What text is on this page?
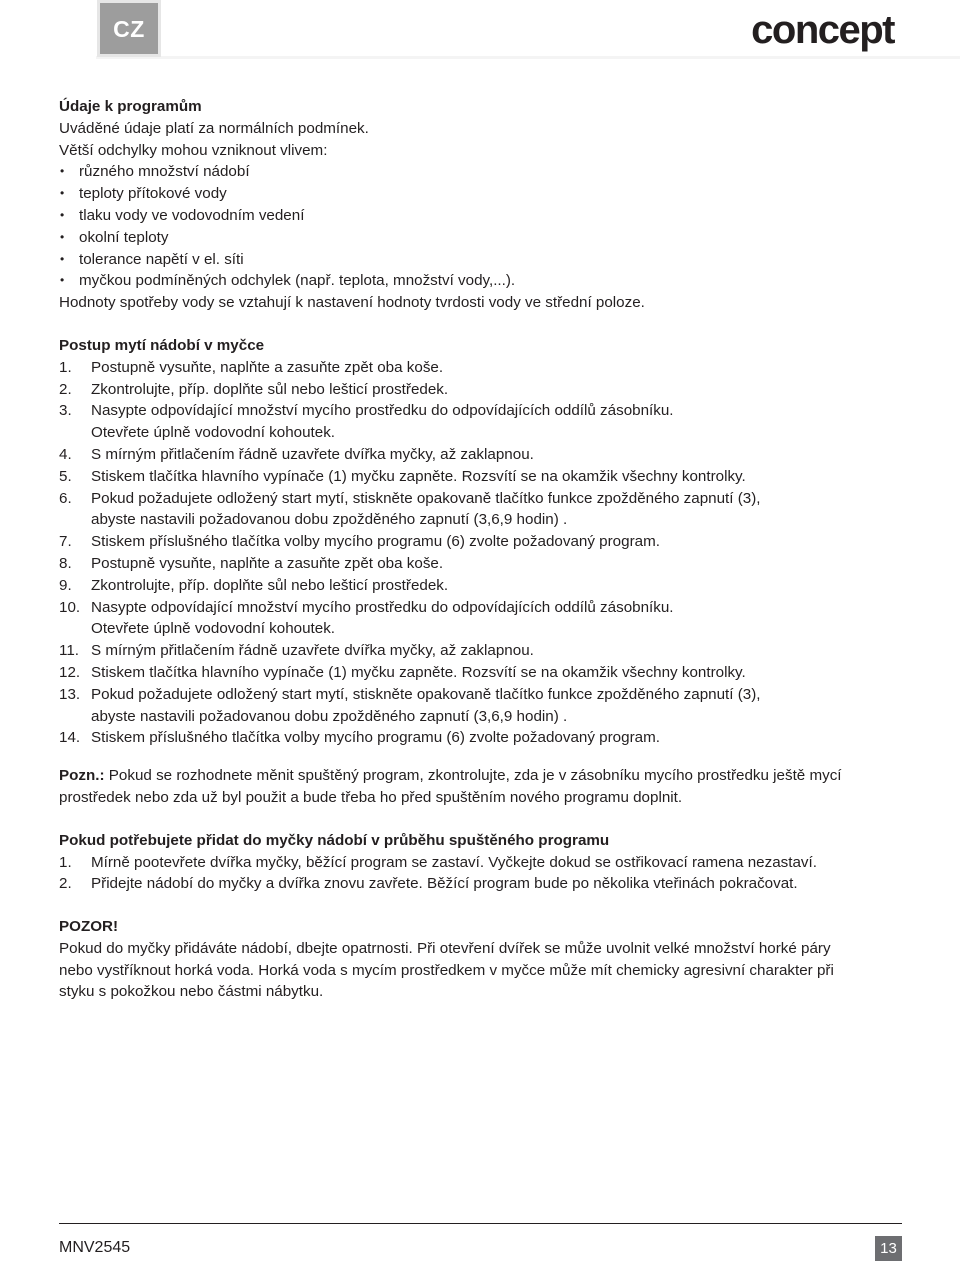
CZ	concept

Údaje k programům

Uváděné údaje platí za normálních podmínek.

Větší odchylky mohou vzniknout vlivem:

• různého množství nádobí
• teploty přítokové vody
• tlaku vody ve vodovodním vedení
• okolní teploty
• tolerance napětí v el. síti
• myčkou podmíněných odchylek (např. teplota, množství vody,...).

Hodnoty spotřeby vody se vztahují k nastavení hodnoty tvrdosti vody ve střední poloze.

Postup mytí nádobí v myčce

1.	Postupně vysuňte, naplňte a zasuňte zpět oba koše.
2.	Zkontrolujte, příp. doplňte sůl nebo lešticí prostředek.
3.	Nasypte odpovídající množství mycího prostředku do odpovídajících oddílů zásobníku.
Otevřete úplně vodovodní kohoutek.
4.	S mírným přitlačením řádně uzavřete dvířka myčky, až zaklapnou.
5.	Stiskem tlačítka hlavního vypínače (1) myčku zapněte. Rozsvítí se na okamžik všechny kontrolky.
6.	Pokud požadujete odložený start mytí, stiskněte opakovaně tlačítko funkce zpožděného zapnutí (3),
abyste nastavili požadovanou dobu zpožděného zapnutí (3,6,9 hodin) .
7.	Stiskem příslušného tlačítka volby mycího programu (6) zvolte požadovaný program.
8.	Postupně vysuňte, naplňte a zasuňte zpět oba koše.
9.	Zkontrolujte, příp. doplňte sůl nebo lešticí prostředek.
10. Nasypte odpovídající množství mycího prostředku do odpovídajících oddílů zásobníku.
Otevřete úplně vodovodní kohoutek.
11. S mírným přitlačením řádně uzavřete dvířka myčky, až zaklapnou.
12. Stiskem tlačítka hlavního vypínače (1) myčku zapněte. Rozsvítí se na okamžik všechny kontrolky.
13. Pokud požadujete odložený start mytí, stiskněte opakovaně tlačítko funkce zpožděného zapnutí (3),
abyste nastavili požadovanou dobu zpožděného zapnutí (3,6,9 hodin) .
14. Stiskem příslušného tlačítka volby mycího programu (6) zvolte požadovaný program.

Pozn.: Pokud se rozhodnete měnit spuštěný program, zkontrolujte, zda je v zásobníku mycího prostředku ještě mycí
prostředek nebo zda už byl použit a bude třeba ho před spuštěním nového programu doplnit.

Pokud potřebujete přidat do myčky nádobí v průběhu spuštěného programu

1.	Mírně pootevřete dvířka myčky, běžící program se zastaví. Vyčkejte dokud se ostřikovací ramena nezastaví.
2.	Přidejte nádobí do myčky a dvířka znovu zavřete. Běžící program bude po několika vteřinách pokračovat.

POZOR!

Pokud do myčky přidáváte nádobí, dbejte opatrnosti. Při otevření dvířek se může uvolnit velké množství horké páry

nebo vystříknout horká voda. Horká voda s mycím prostředkem v myčce může mít chemicky agresivní charakter při

styku s pokožkou nebo částmi nábytku.

MNV2545	13
